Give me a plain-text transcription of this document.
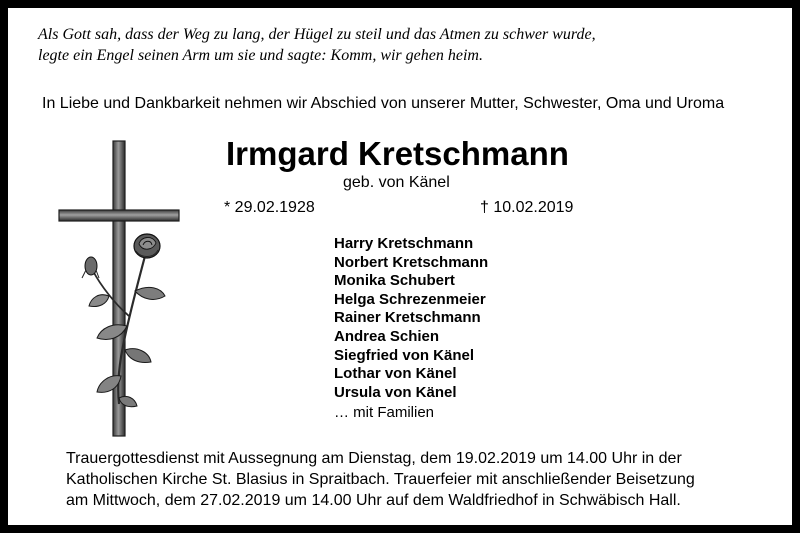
Als Gott sah, dass der Weg zu lang, der Hügel zu steil und das Atmen zu schwer wurde,
legte ein Engel seinen Arm um sie und sagte: Komm, wir gehen heim.
In Liebe und Dankbarkeit nehmen wir Abschied von unserer Mutter, Schwester, Oma und Uroma
Irmgard Kretschmann
geb. von Känel
* 29.02.1928	† 10.02.2019
Harry Kretschmann
Norbert Kretschmann
Monika Schubert
Helga Schrezenmeier
Rainer Kretschmann
Andrea Schien
Siegfried von Känel
Lothar von Känel
Ursula von Känel
… mit Familien
Trauergottesdienst mit Aussegnung am Dienstag, dem 19.02.2019 um 14.00 Uhr in der
Katholischen Kirche St. Blasius in Spraitbach. Trauerfeier mit anschließender Beisetzung
am Mittwoch, dem 27.02.2019 um 14.00 Uhr auf dem Waldfriedhof in Schwäbisch Hall.
